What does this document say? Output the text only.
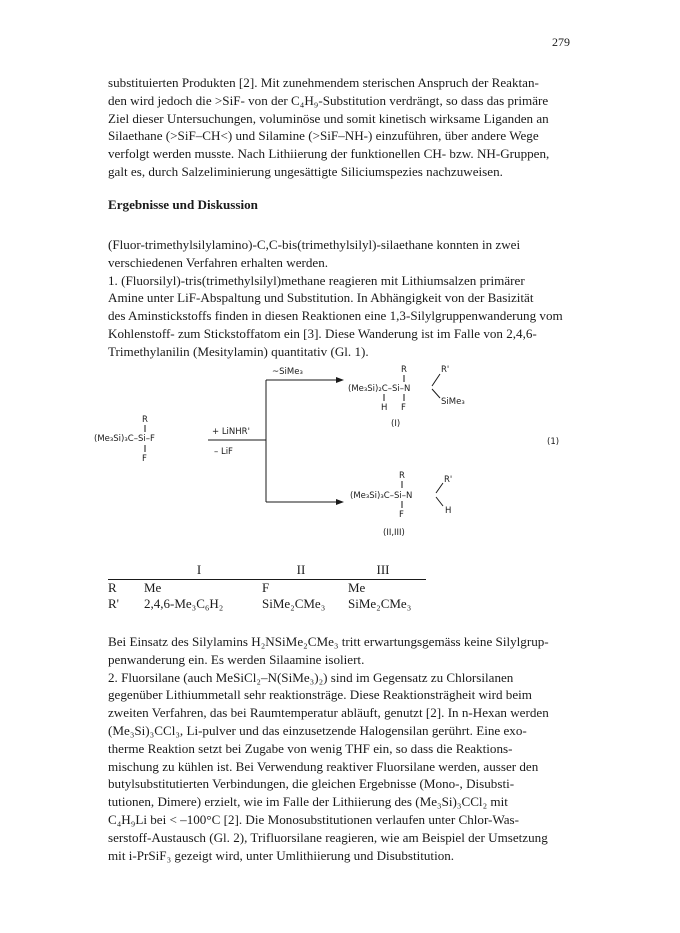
279

substituierten Produkten [2]. Mit zunehmendem sterischen Anspruch der Reaktan-
den wird jedoch die >SiF- von der C₄H₉-Substitution verdrängt, so dass das primäre
Ziel dieser Untersuchungen, voluminöse und somit kinetisch wirksame Liganden an
Silaethane (>SiF–CH<) und Silamine (>SiF–NH-) einzuführen, über andere Wege
verfolgt werden musste. Nach Lithiierung der funktionellen CH- bzw. NH-Gruppen,
galt es, durch Salzeliminierung ungesättigte Siliciumspezies nachzuweisen.

Ergebnisse und Diskussion

(Fluor-trimethylsilylamino)-C,C-bis(trimethylsilyl)-silaethane konnten in zwei
verschiedenen Verfahren erhalten werden.
1. (Fluorsilyl)-tris(trimethylsilyl)methane reagieren mit Lithiumsalzen primärer
Amine unter LiF-Abspaltung und Substitution. In Abhängigkeit von der Basizität
des Aminstickstoffs finden in diesen Reaktionen eine 1,3-Silylgruppenwanderung vom
Kohlenstoff- zum Stickstoffatom ein [3]. Diese Wanderung ist im Falle von 2,4,6-
Trimethylanilin (Mesitylamin) quantitativ (Gl. 1).

R
(Me₃Si)₃C–Si–F
F
+ LiNHR'
– LiF
~SiMe₃	R
(Me₃Si)₂C–Si–N
R'
SiMe₃
H F
(I)
(1)
R
(Me₃Si)₃C–Si–N
R'
H
F
(II,III)
	I	II	III
R	Me	F	Me
R'	2,4,6-Me₃C₆H₂	SiMe₂CMe₃	SiMe₂CMe₃

Bei Einsatz des Silylamins H₂NSiMe₂CMe₃ tritt erwartungsgemäss keine Silylgrup-
penwanderung ein. Es werden Silaamine isoliert.
2. Fluorsilane (auch MeSiCl₂–N(SiMe₃)₂) sind im Gegensatz zu Chlorsilanen
gegenüber Lithiummetall sehr reaktionsträge. Diese Reaktionsträgheit wird beim
zweiten Verfahren, das bei Raumtemperatur abläuft, genutzt [2]. In n-Hexan werden
(Me₃Si)₃CCl₃, Li-pulver und das einzusetzende Halogensilan gerührt. Eine exo-
therme Reaktion setzt bei Zugabe von wenig THF ein, so dass die Reaktions-
mischung zu kühlen ist. Bei Verwendung reaktiver Fluorsilane werden, ausser den
butylsubstitutierten Verbindungen, die gleichen Ergebnisse (Mono-, Disubsti-
tutionen, Dimere) erzielt, wie im Falle der Lithiierung des (Me₃Si)₃CCl₂ mit
C₄H₉Li bei < –100°C [2]. Die Monosubstitutionen verlaufen unter Chlor-Was-
serstoff-Austausch (Gl. 2), Trifluorsilane reagieren, wie am Beispiel der Umsetzung
mit i-PrSiF₃ gezeigt wird, unter Umlithiierung und Disubstitution.
